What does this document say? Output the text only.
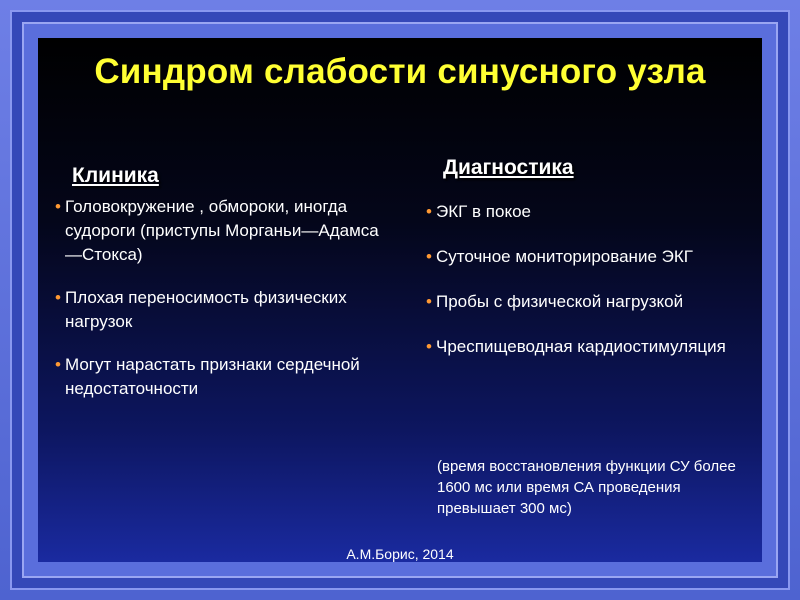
Синдром слабости синусного узла
Клиника	Диагностика
• Головокружение , обмороки, иногда судороги (приступы Морганьи—Адамса—Стокса)
• Плохая переносимость физических нагрузок
• Могут нарастать признаки сердечной недостаточности
• ЭКГ в покое
• Суточное мониторирование ЭКГ
• Пробы с физической нагрузкой
• Чреспищеводная кардиостимуляция
(время восстановления функции СУ более 1600 мс или время СА проведения превышает 300 мс)
А.М.Борис, 2014
